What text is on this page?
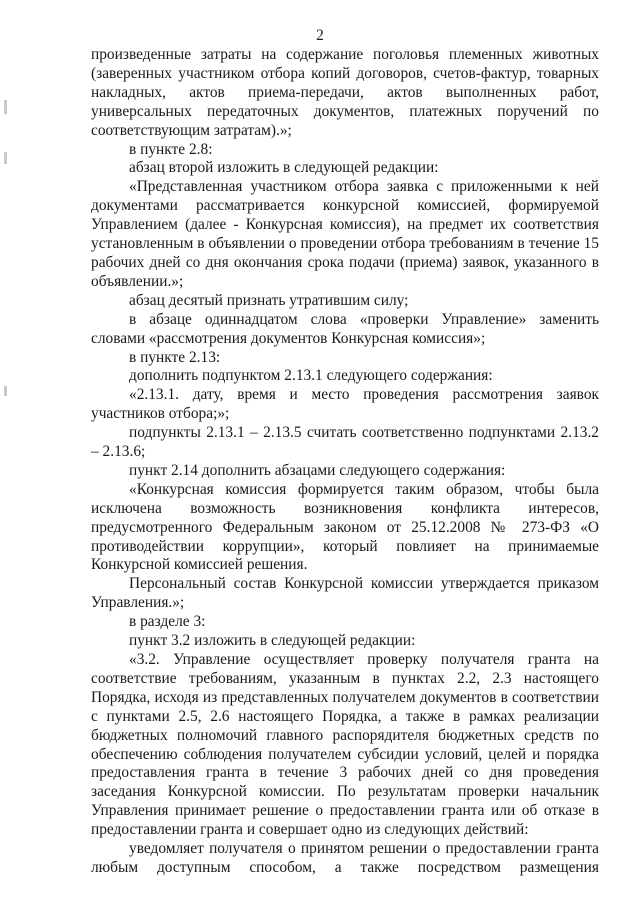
2

произведенные затраты на содержание поголовья племенных животных (заверенных участником отбора копий договоров, счетов-фактур, товарных накладных, актов приема-передачи, актов выполненных работ, универсальных передаточных документов, платежных поручений по соответствующим затратам).»;

в пункте 2.8:

абзац второй изложить в следующей редакции:

«Представленная участником отбора заявка с приложенными к ней документами рассматривается конкурсной комиссией, формируемой Управлением (далее - Конкурсная комиссия), на предмет их соответствия установленным в объявлении о проведении отбора требованиям в течение 15 рабочих дней со дня окончания срока подачи (приема) заявок, указанного в объявлении.»;

абзац десятый признать утратившим силу;

в абзаце одиннадцатом слова «проверки Управление» заменить словами «рассмотрения документов Конкурсная комиссия»;

в пункте 2.13:

дополнить подпунктом 2.13.1 следующего содержания:

«2.13.1. дату, время и место проведения рассмотрения заявок участников отбора;»;

подпункты 2.13.1 – 2.13.5 считать соответственно подпунктами 2.13.2 – 2.13.6;

пункт 2.14 дополнить абзацами следующего содержания:

«Конкурсная комиссия формируется таким образом, чтобы была исключена возможность возникновения конфликта интересов, предусмотренного Федеральным законом от 25.12.2008 № 273-ФЗ «О противодействии коррупции», который повлияет на принимаемые Конкурсной комиссией решения.

Персональный состав Конкурсной комиссии утверждается приказом Управления.»;

в разделе 3:

пункт 3.2 изложить в следующей редакции:

«3.2. Управление осуществляет проверку получателя гранта на соответствие требованиям, указанным в пунктах 2.2, 2.3 настоящего Порядка, исходя из представленных получателем документов в соответствии с пунктами 2.5, 2.6 настоящего Порядка, а также в рамках реализации бюджетных полномочий главного распорядителя бюджетных средств по обеспечению соблюдения получателем субсидии условий, целей и порядка предоставления гранта в течение 3 рабочих дней со дня проведения заседания Конкурсной комиссии. По результатам проверки начальник Управления принимает решение о предоставлении гранта или об отказе в предоставлении гранта и совершает одно из следующих действий:

уведомляет получателя о принятом решении о предоставлении гранта любым доступным способом, а также посредством размещения
